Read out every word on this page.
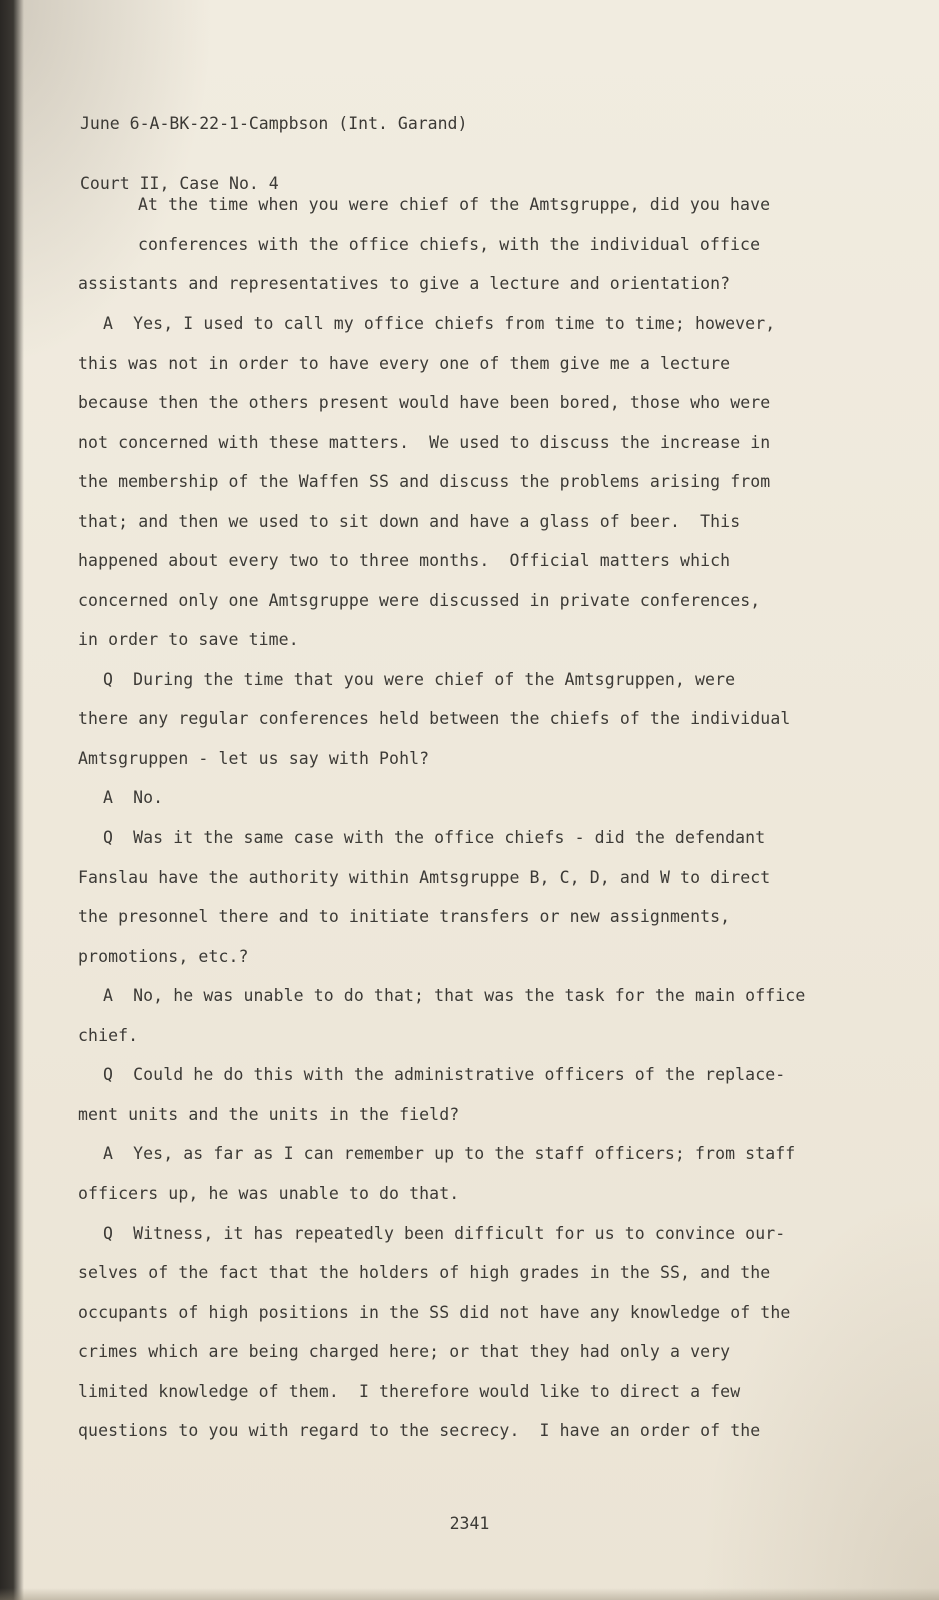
June 6-A-BK-22-1-Campbson (Int. Garand)

Court II, Case No. 4

At the time when you were chief of the Amtsgruppe, did you have
conferences with the office chiefs, with the individual office
assistants and representatives to give a lecture and orientation?
A  Yes, I used to call my office chiefs from time to time; however,
this was not in order to have every one of them give me a lecture
because then the others present would have been bored, those who were
not concerned with these matters.  We used to discuss the increase in
the membership of the Waffen SS and discuss the problems arising from
that; and then we used to sit down and have a glass of beer.  This
happened about every two to three months.  Official matters which
concerned only one Amtsgruppe were discussed in private conferences,
in order to save time.
Q  During the time that you were chief of the Amtsgruppen, were
there any regular conferences held between the chiefs of the individual
Amtsgruppen - let us say with Pohl?
A  No.
Q  Was it the same case with the office chiefs - did the defendant
Fanslau have the authority within Amtsgruppe B, C, D, and W to direct
the presonnel there and to initiate transfers or new assignments,
promotions, etc.?
A  No, he was unable to do that; that was the task for the main office
chief.
Q  Could he do this with the administrative officers of the replace-
ment units and the units in the field?
A  Yes, as far as I can remember up to the staff officers; from staff
officers up, he was unable to do that.
Q  Witness, it has repeatedly been difficult for us to convince our-
selves of the fact that the holders of high grades in the SS, and the
occupants of high positions in the SS did not have any knowledge of the
crimes which are being charged here; or that they had only a very
limited knowledge of them.  I therefore would like to direct a few
questions to you with regard to the secrecy.  I have an order of the
2341
